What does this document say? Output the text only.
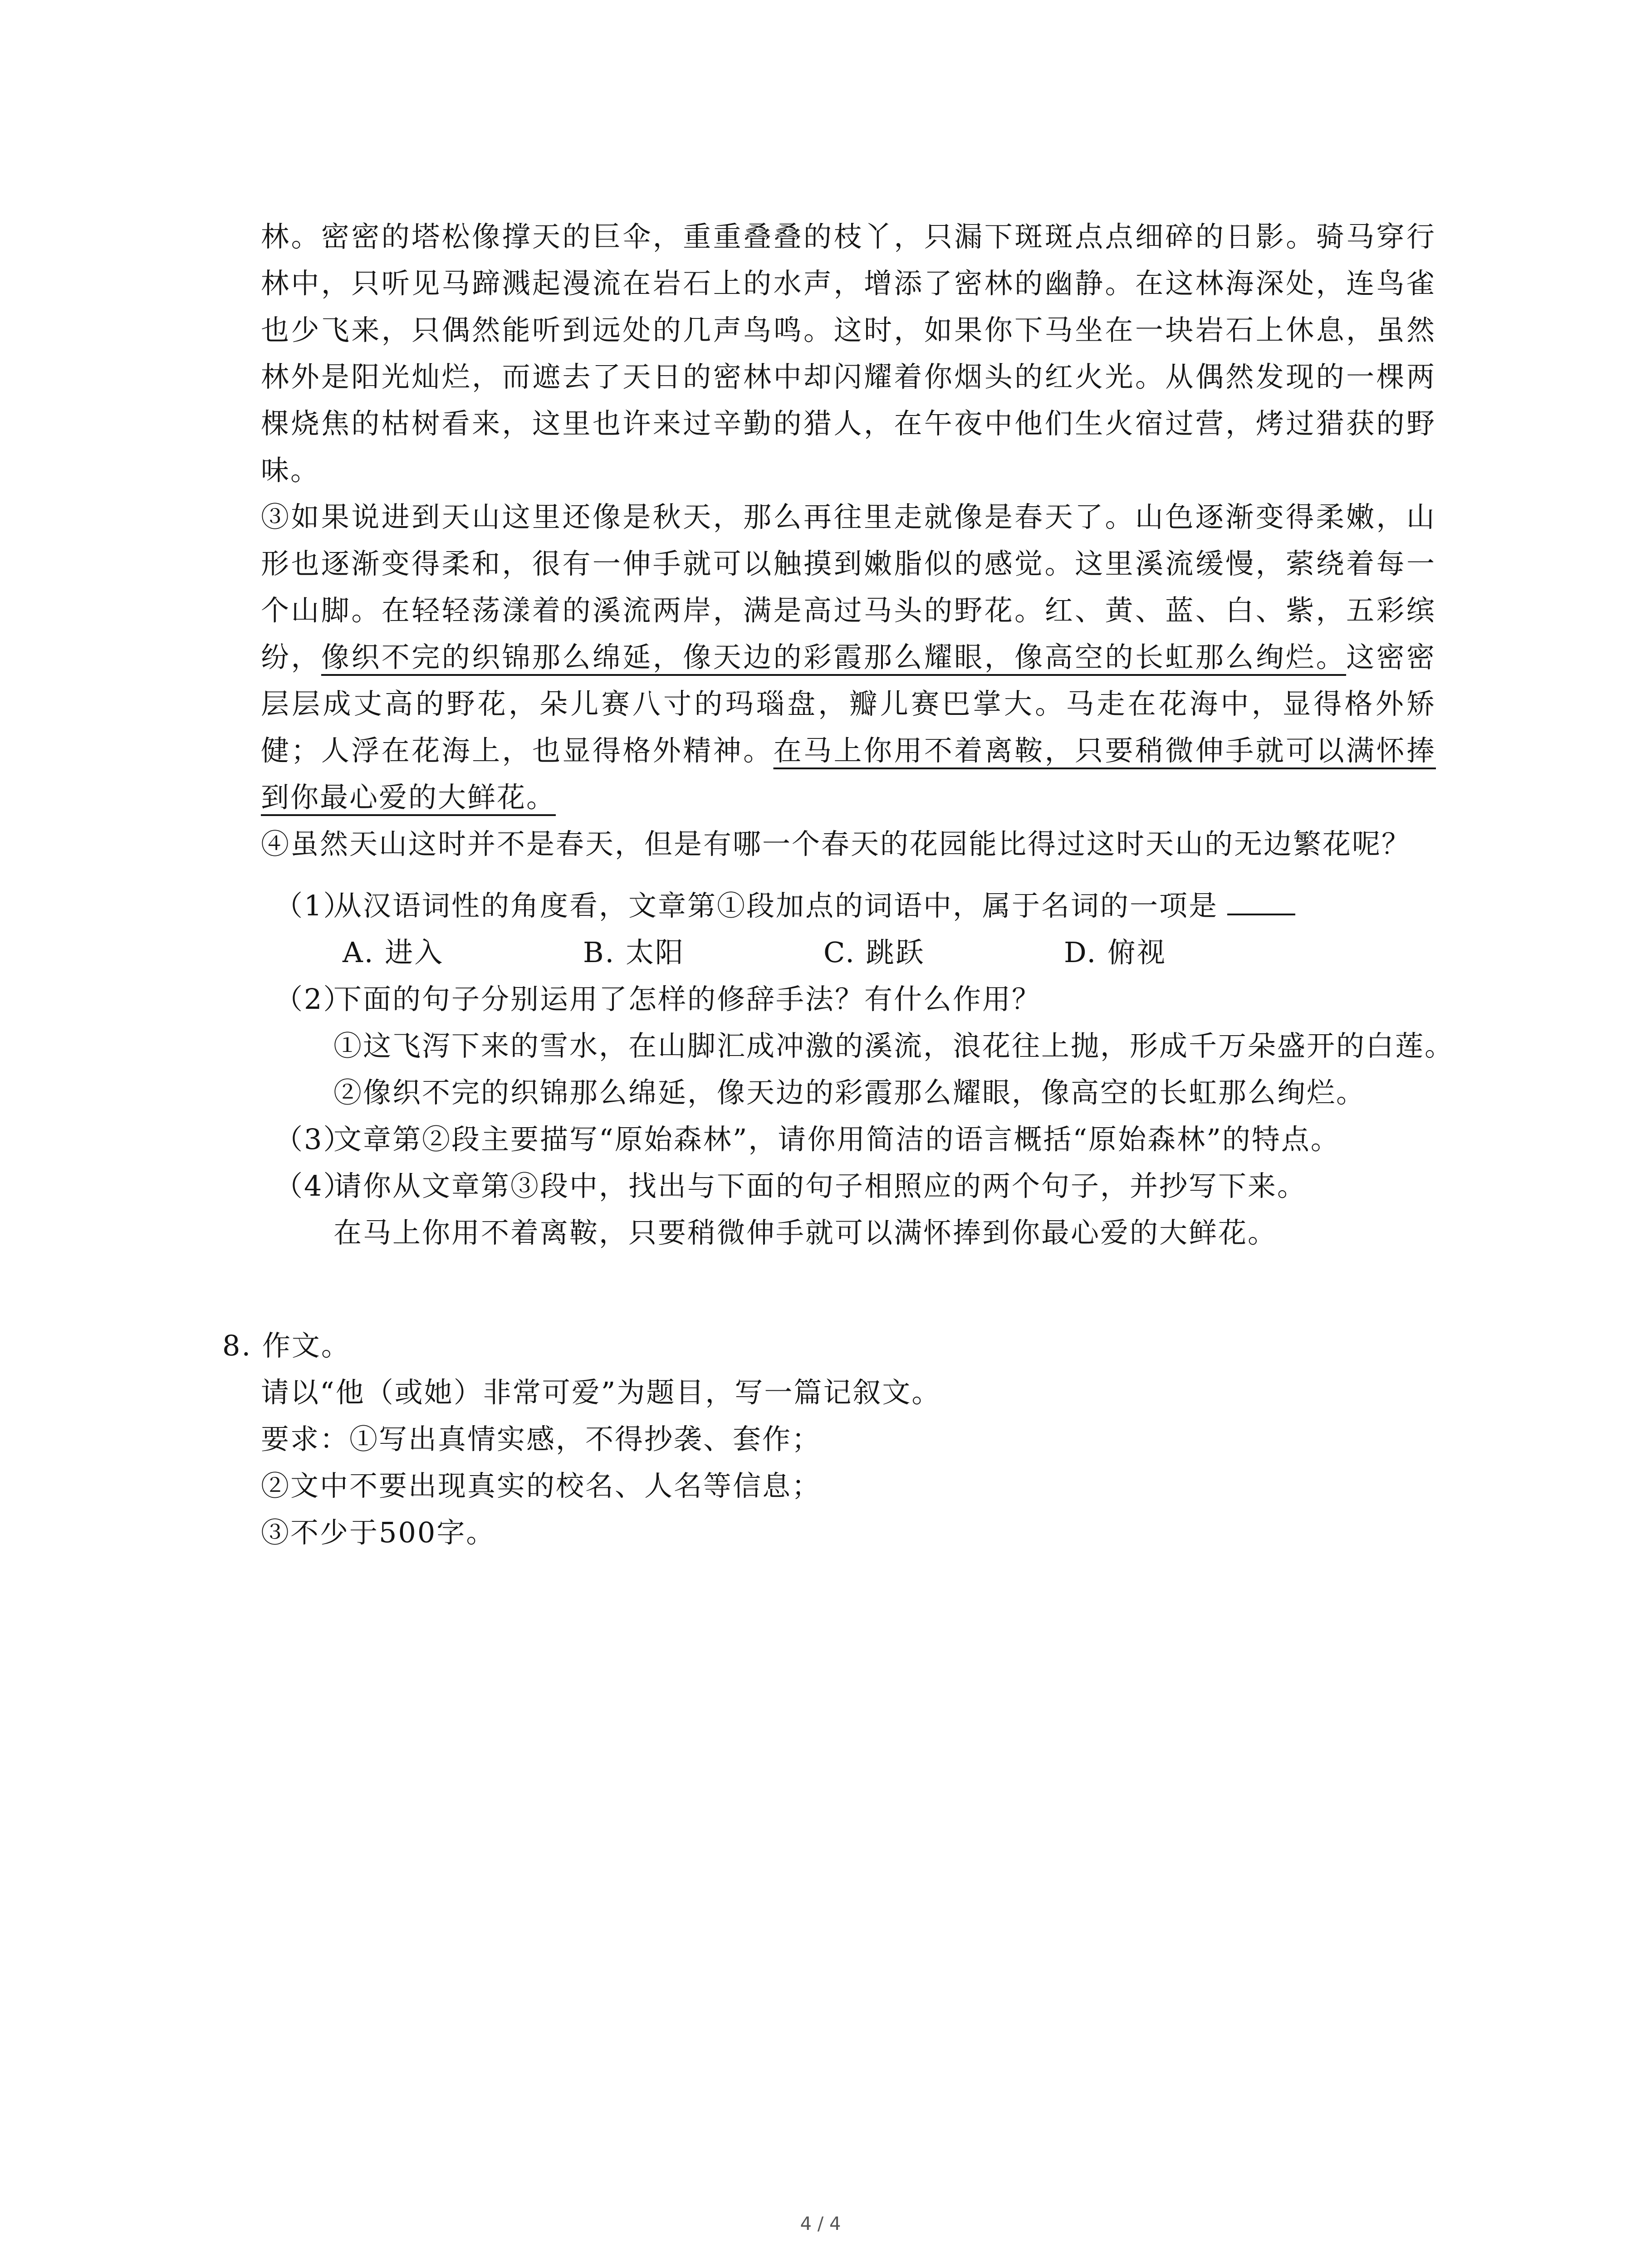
林。密密的塔松像撑天的巨伞，重重叠叠的枝丫，只漏下斑斑点点细碎的日影。骑马穿行林中，只听见马蹄溅起漫流在岩石上的水声，增添了密林的幽静。在这林海深处，连鸟雀也少飞来，只偶然能听到远处的几声鸟鸣。这时，如果你下马坐在一块岩石上休息，虽然林外是阳光灿烂，而遮去了天日的密林中却闪耀着你烟头的红火光。从偶然发现的一棵两棵烧焦的枯树看来，这里也许来过辛勤的猎人，在午夜中他们生火宿过营，烤过猎获的野味。

③如果说进到天山这里还像是秋天，那么再往里走就像是春天了。山色逐渐变得柔嫩，山形也逐渐变得柔和，很有一伸手就可以触摸到嫩脂似的感觉。这里溪流缓慢，萦绕着每一个山脚。在轻轻荡漾着的溪流两岸，满是高过马头的野花。红、黄、蓝、白、紫，五彩缤纷，像织不完的织锦那么绵延，像天边的彩霞那么耀眼，像高空的长虹那么绚烂。这密密层层成丈高的野花，朵儿赛八寸的玛瑙盘，瓣儿赛巴掌大。马走在花海中，显得格外矫健；人浮在花海上，也显得格外精神。在马上你用不着离鞍，只要稍微伸手就可以满怀捧到你最心爱的大鲜花。

④虽然天山这时并不是春天，但是有哪一个春天的花园能比得过这时天山的无边繁花呢？

（1）
从汉语词性的角度看，文章第①段加点的词语中，属于名词的一项是
A. 进入	B. 太阳	C. 跳跃	D. 俯视
（2）
下面的句子分别运用了怎样的修辞手法？有什么作用？

①这飞泻下来的雪水，在山脚汇成冲激的溪流，浪花往上抛，形成千万朵盛开的白莲。

②像织不完的织锦那么绵延，像天边的彩霞那么耀眼，像高空的长虹那么绚烂。

（3）
文章第②段主要描写“原始森林”，请你用简洁的语言概括“原始森林”的特点。
（4）
请你从文章第③段中，找出与下面的句子相照应的两个句子，并抄写下来。

在马上你用不着离鞍，只要稍微伸手就可以满怀捧到你最心爱的大鲜花。

8. 作文。

请以“他（或她）非常可爱”为题目，写一篇记叙文。

要求：①写出真情实感，不得抄袭、套作；

②文中不要出现真实的校名、人名等信息；

③不少于500字。

4 / 4
